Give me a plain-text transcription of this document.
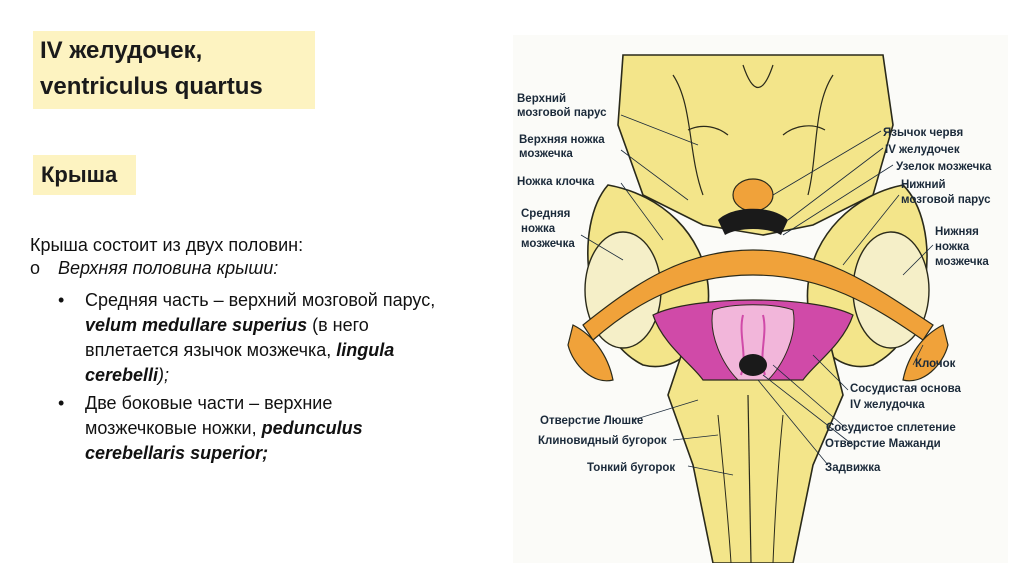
IV желудочек,
ventriculus quartus
Крыша
Крыша состоит из двух половин:
o Верхняя половина крыши:
• Средняя часть – верхний мозговой парус,
velum medullare superius (в него
вплетается язычок мозжечка, lingula
cerebelli);
• Две боковые части – верхние
мозжечковые ножки, pedunculus
cerebellaris superior;
Верхний
мозговой парус
Верхняя ножка
мозжечка
Ножка клочка
Средняя
ножка
мозжечка
Отверстие Люшке
Клиновидный бугорок
Тонкий бугорок
Язычок червя
IV желудочек
Узелок мозжечка
Нижний
мозговой парус
Нижняя
ножка
мозжечка
Клочок
Сосудистая основа
IV желудочка
Сосудистое сплетение
Отверстие Мажанди
Задвижка
